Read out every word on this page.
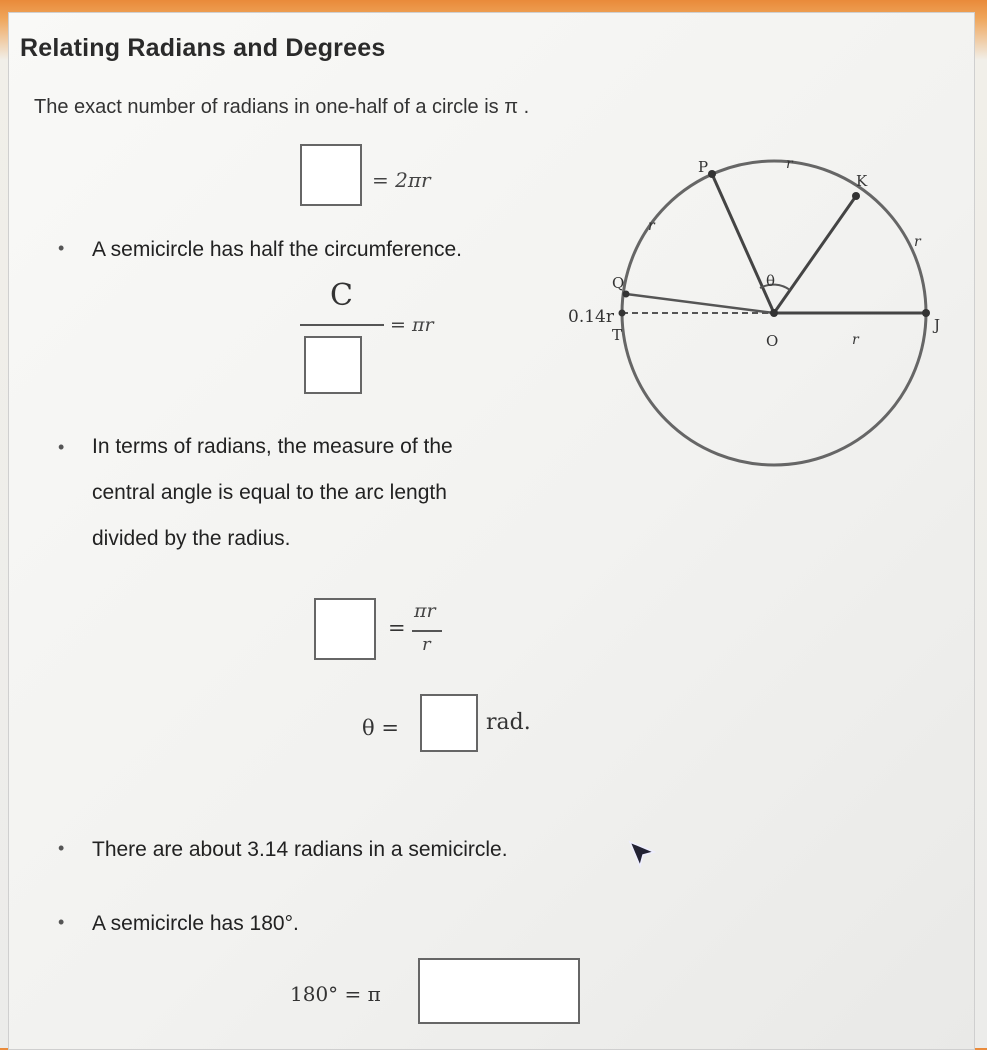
Relating Radians and Degrees
The exact number of radians in one-half of a circle is π .
= 2πr
• A semicircle has half the circumference.
C
= πr
• In terms of radians, the measure of the
central angle is equal to the arc length
divided by the radius.
=
πr
r
θ =	rad.
• There are about 3.14 radians in a semicircle.
• A semicircle has 180°.
180° = π
P
K
Q
T	O
J
θ
0.14r
r
r
r
r
